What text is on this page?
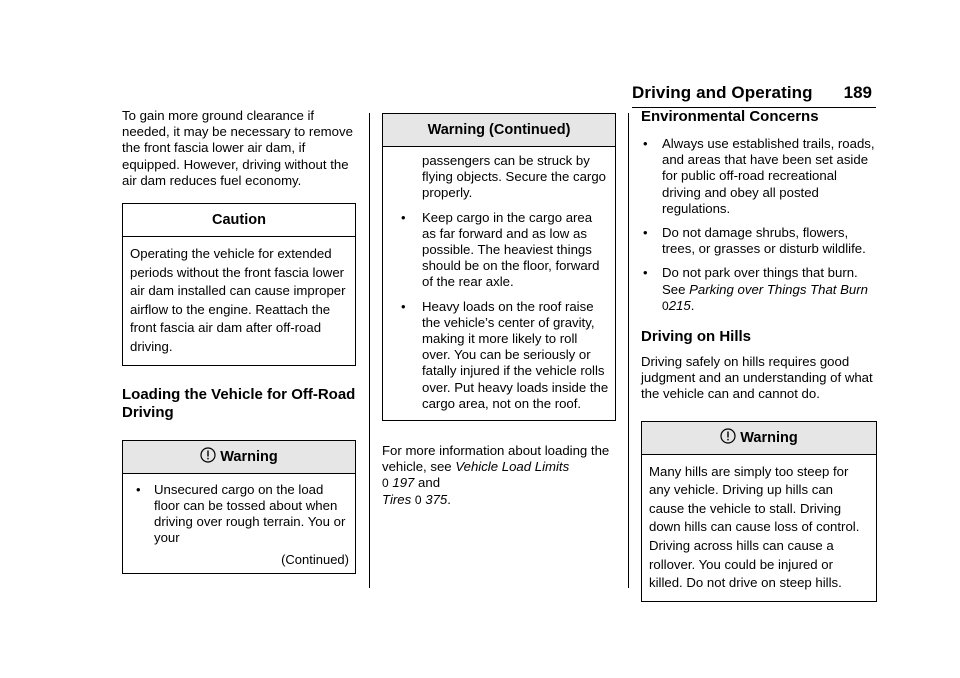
Driving and Operating 189

To gain more ground clearance if needed, it may be necessary to remove the front fascia lower air dam, if equipped. However, driving without the air dam reduces fuel economy.

Caution

Operating the vehicle for extended periods without the front fascia lower air dam installed can cause improper airflow to the engine. Reattach the front fascia air dam after off-road driving.

Loading the Vehicle for Off-Road Driving
Warning
• Unsecured cargo on the load floor can be tossed about when driving over rough terrain. You or your

(Continued)
Warning (Continued)

passengers can be struck by flying objects. Secure the cargo properly.

• Keep cargo in the cargo area as far forward and as low as possible. The heaviest things should be on the floor, forward of the rear axle.

• Heavy loads on the roof raise the vehicle’s center of gravity, making it more likely to roll over. You can be seriously or fatally injured if the vehicle rolls over. Put heavy loads inside the cargo area, not on the roof.

For more information about loading the vehicle, see Vehicle Load Limits
0 197 and
Tires 0 375.

Environmental Concerns
• Always use established trails, roads, and areas that have been set aside for public off-road recreational driving and obey all posted regulations.

• Do not damage shrubs, flowers, trees, or grasses or disturb wildlife.

• Do not park over things that burn. See Parking over Things That Burn 0215.

Driving on Hills

Driving safely on hills requires good judgment and an understanding of what the vehicle can and cannot do.

Warning

Many hills are simply too steep for any vehicle. Driving up hills can cause the vehicle to stall. Driving down hills can cause loss of control. Driving across hills can cause a rollover. You could be injured or killed. Do not drive on steep hills.
